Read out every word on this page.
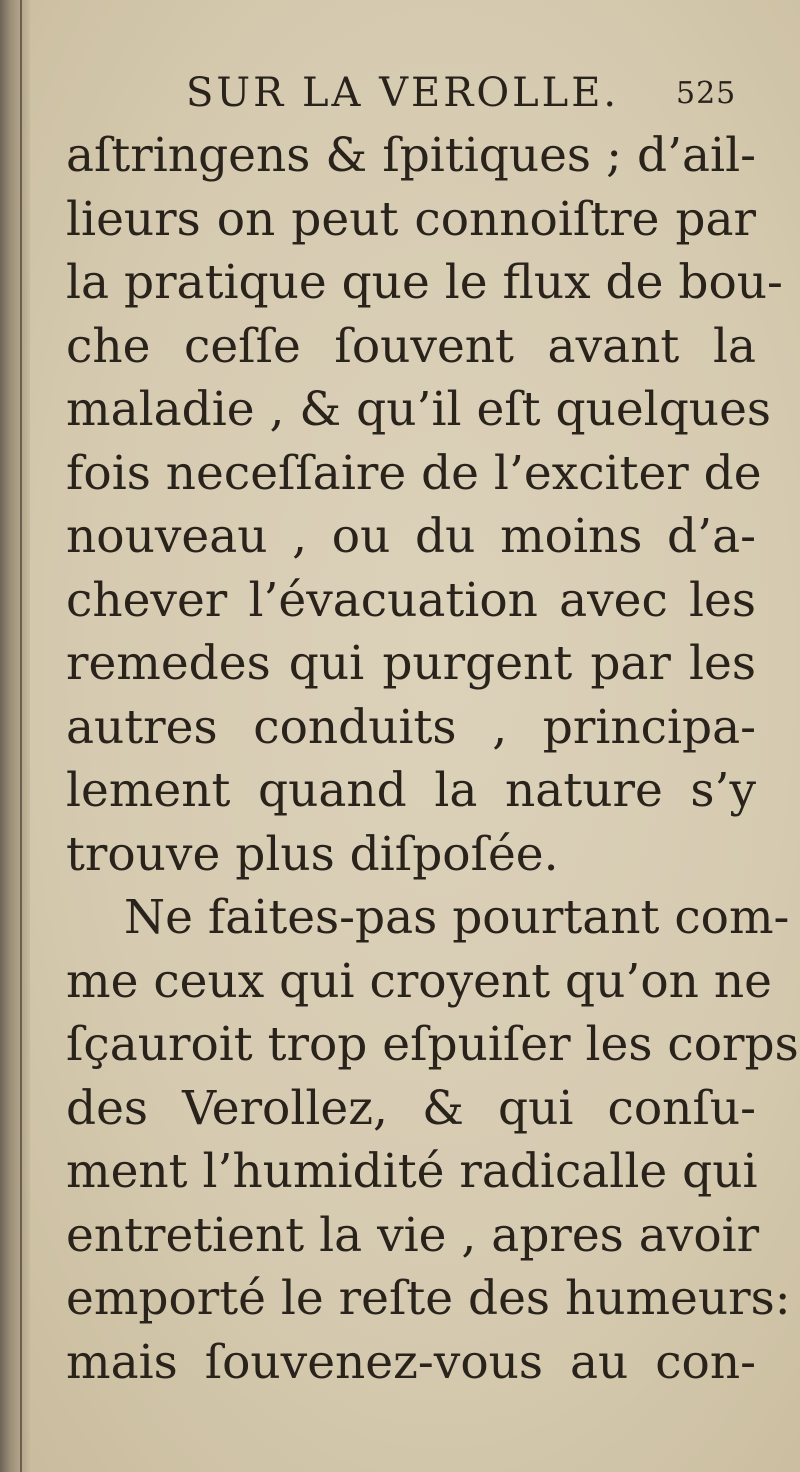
SUR LA VEROLLE. 525
aſtringens & ſpitiques ; d’ail-
lieurs on peut connoiſtre par
la pratique que le flux de bou-
che ceſſe ſouvent avant la
maladie , & qu’il eſt quelques
fois neceſſaire de l’exciter de
nouveau , ou du moins d’a-
chever l’évacuation avec les
remedes qui purgent par les
autres conduits , principa-
lement quand la nature s’y
trouve plus diſpoſée.
Ne faites-pas pourtant com-
me ceux qui croyent qu’on ne
ſçauroit trop eſpuiſer les corps
des Verollez, & qui conſu-
ment l’humidité radicalle qui
entretient la vie , apres avoir
emporté le reſte des humeurs:
mais ſouvenez-vous au con-
